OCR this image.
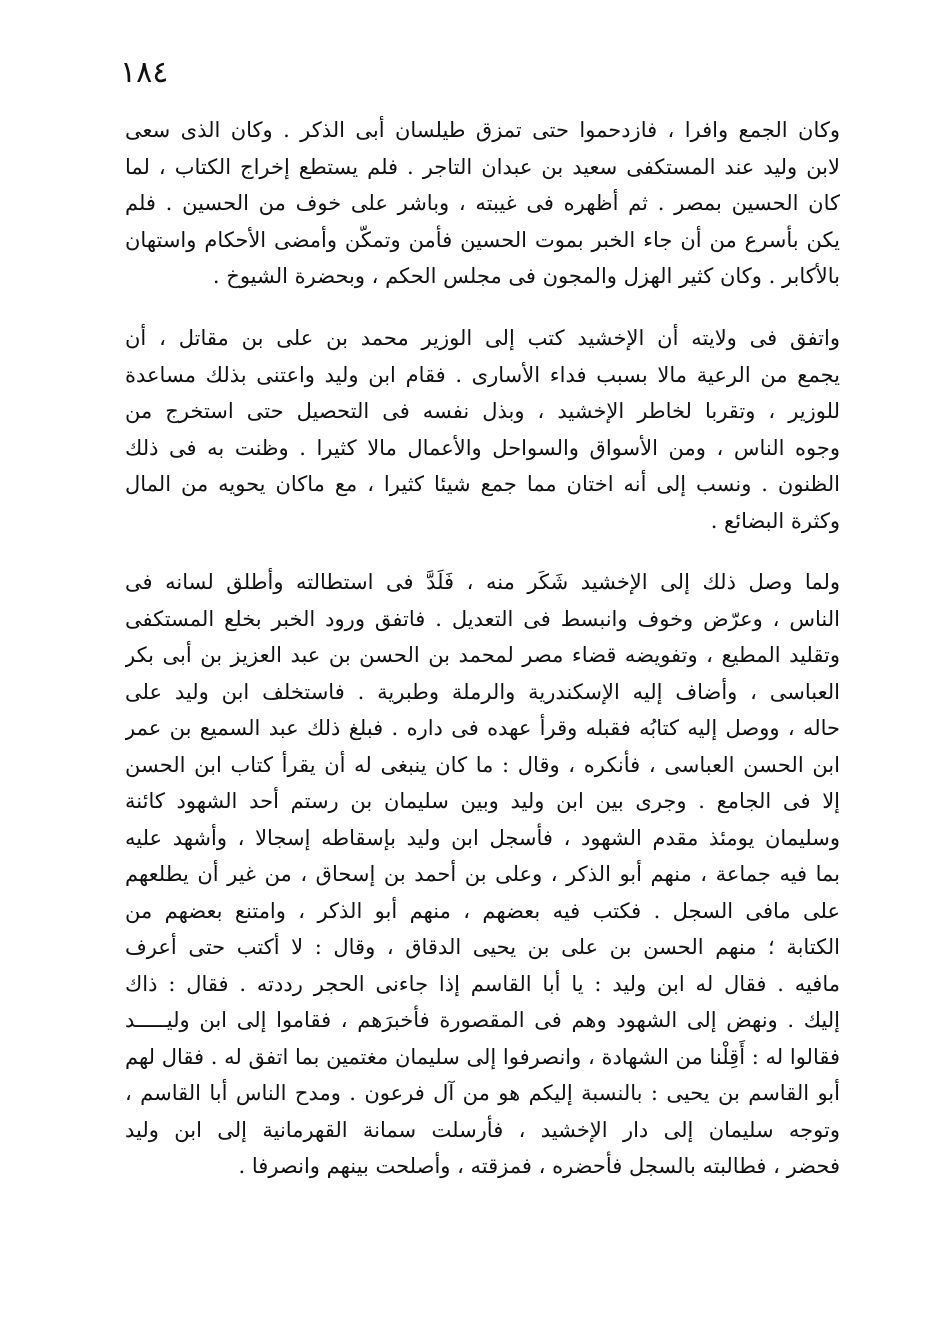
١٨٤
وكان الجمع وافرا ، فازدحموا حتى تمزق طيلسان أبى الذكر . وكان الذى سعى
لابن وليد عند المستكفى سعيد بن عبدان التاجر . فلم يستطع إخراج الكتاب ، لما
كان الحسين بمصر . ثم أظهره فى غيبته ، وباشر على خوف من الحسين . فلم
يكن بأسرع من أن جاء الخبر بموت الحسين فأمن وتمكّن وأمضى الأحكام واستهان
بالأكابر . وكان كثير الهزل والمجون فى مجلس الحكم ، وبحضرة الشيوخ .
واتفق فى ولايته أن الإخشيد كتب إلى الوزير محمد بن على بن مقاتل ، أن
يجمع من الرعية مالا بسبب فداء الأسارى . فقام ابن وليد واعتنى بذلك مساعدة
للوزير ، وتقربا لخاطر الإخشيد ، وبذل نفسه فى التحصيل حتى استخرج من
وجوه الناس ، ومن الأسواق والسواحل والأعمال مالا كثيرا . وظنت به فى ذلك
الظنون . ونسب إلى أنه اختان مما جمع شيئا كثيرا ، مع ماكان يحويه من المال
وكثرة البضائع .
ولما وصل ذلك إلى الإخشيد شَكَر منه ، فَلَدَّ فى استطالته وأطلق لسانه فى
الناس ، وعرّض وخوف وانبسط فى التعديل . فاتفق ورود الخبر بخلع المستكفى
وتقليد المطيع ، وتفويضه قضاء مصر لمحمد بن الحسن بن عبد العزيز بن أبى بكر
العباسى ، وأضاف إليه الإسكندرية والرملة وطبرية . فاستخلف ابن وليد على
حاله ، ووصل إليه كتابُه فقبله وقرأ عهده فى داره . فبلغ ذلك عبد السميع بن عمر
ابن الحسن العباسى ، فأنكره ، وقال : ما كان ينبغى له أن يقرأ كتاب ابن الحسن
إلا فى الجامع . وجرى بين ابن وليد وبين سليمان بن رستم أحد الشهود كائنة
وسليمان يومئذ مقدم الشهود ، فأسجل ابن وليد بإسقاطه إسجالا ، وأشهد عليه
بما فيه جماعة ، منهم أبو الذكر ، وعلى بن أحمد بن إسحاق ، من غير أن يطلعهم
على مافى السجل . فكتب فيه بعضهم ، منهم أبو الذكر ، وامتنع بعضهم من
الكتابة ؛ منهم الحسن بن على بن يحيى الدقاق ، وقال : لا أكتب حتى أعرف
مافيه . فقال له ابن وليد : يا أبا القاسم إذا جاءنى الحجر رددته . فقال : ذاك
إليك . ونهض إلى الشهود وهم فى المقصورة فأخبرَهم ، فقاموا إلى ابن وليـــــد
فقالوا له : أَقِلْنا من الشهادة ، وانصرفوا إلى سليمان مغتمين بما اتفق له . فقال لهم
أبو القاسم بن يحيى : بالنسبة إليكم هو من آل فرعون . ومدح الناس أبا القاسم ،
وتوجه سليمان إلى دار الإخشيد ، فأرسلت سمانة القهرمانية إلى ابن وليد
فحضر ، فطالبته بالسجل فأحضره ، فمزقته ، وأصلحت بينهم وانصرفا .
